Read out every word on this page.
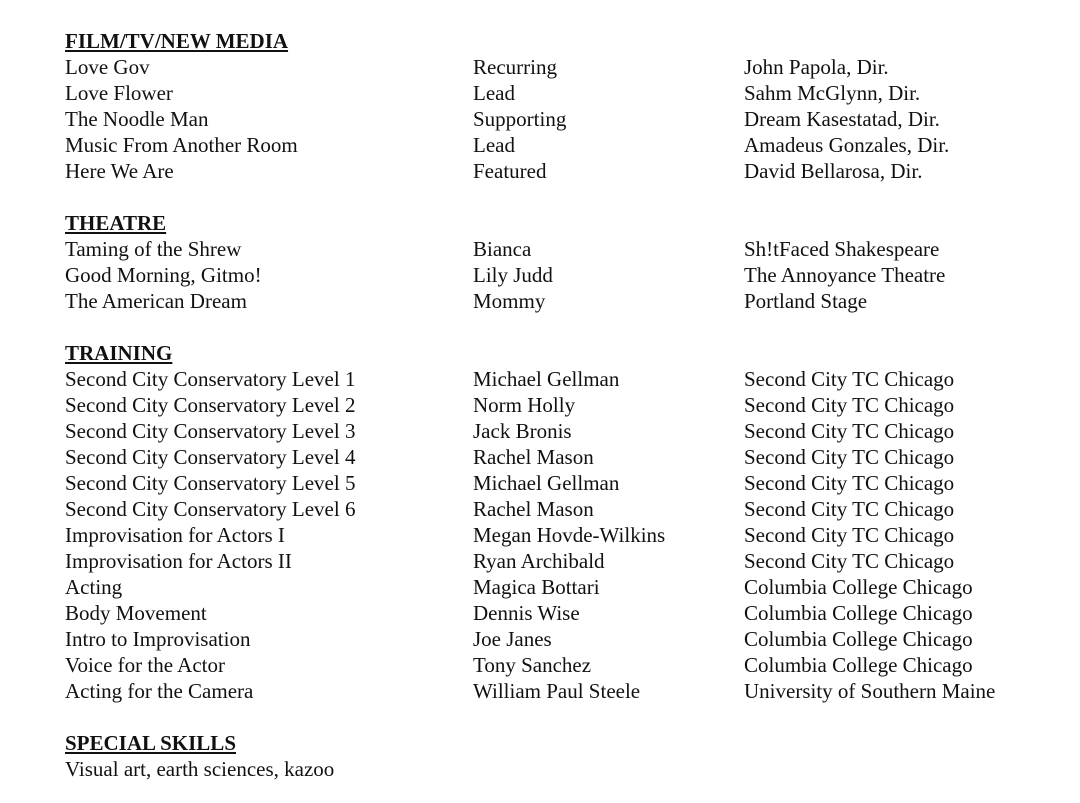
FILM/TV/NEW MEDIA
Love Gov	Recurring	John Papola, Dir.
Love Flower	Lead	Sahm McGlynn, Dir.
The Noodle Man	Supporting	Dream Kasestatad, Dir.
Music From Another Room	Lead	Amadeus Gonzales, Dir.
Here We Are	Featured	David Bellarosa, Dir.
THEATRE
Taming of the Shrew	Bianca	Sh!tFaced Shakespeare
Good Morning, Gitmo!	Lily Judd	The Annoyance Theatre
The American Dream	Mommy	Portland Stage
TRAINING
Second City Conservatory Level 1	Michael Gellman	Second City TC Chicago
Second City Conservatory Level 2	Norm Holly	Second City TC Chicago
Second City Conservatory Level 3	Jack Bronis	Second City TC Chicago
Second City Conservatory Level 4	Rachel Mason	Second City TC Chicago
Second City Conservatory Level 5	Michael Gellman	Second City TC Chicago
Second City Conservatory Level 6	Rachel Mason	Second City TC Chicago
Improvisation for Actors I	Megan Hovde-Wilkins	Second City TC Chicago
Improvisation for Actors II	Ryan Archibald	Second City TC Chicago
Acting	Magica Bottari	Columbia College Chicago
Body Movement	Dennis Wise	Columbia College Chicago
Intro to Improvisation	Joe Janes	Columbia College Chicago
Voice for the Actor	Tony Sanchez	Columbia College Chicago
Acting for the Camera	William Paul Steele	University of Southern Maine
SPECIAL SKILLS
Visual art, earth sciences, kazoo
